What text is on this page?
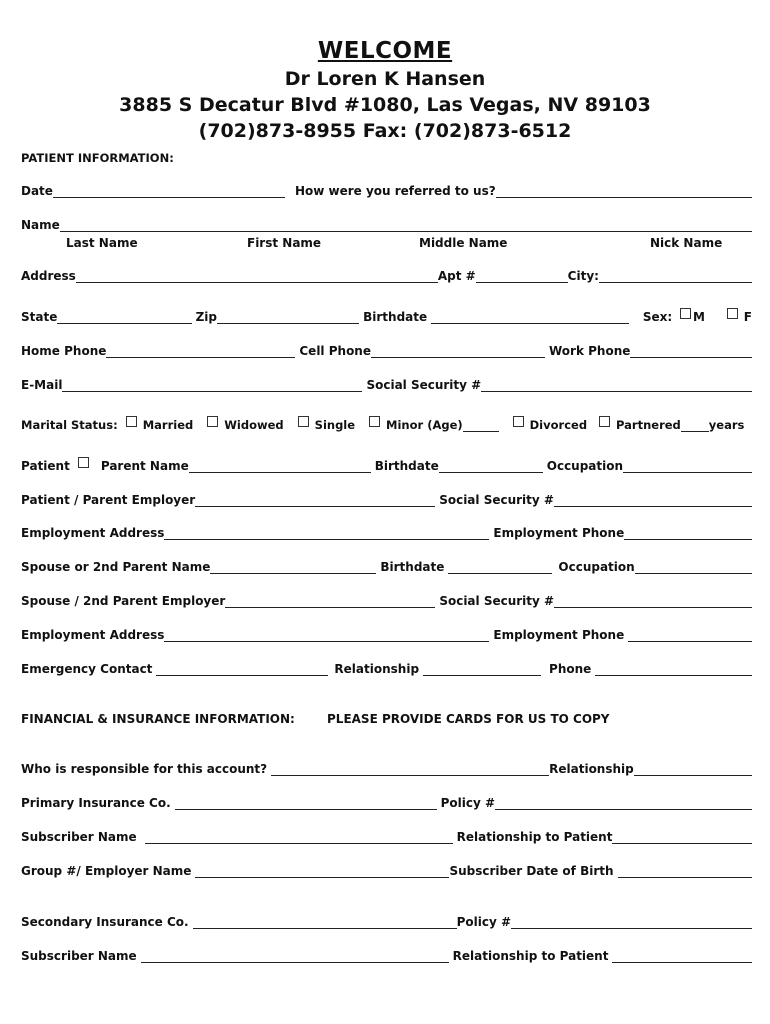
WELCOME
Dr Loren K Hansen
3885 S Decatur Blvd #1080, Las Vegas, NV 89103
(702)873-8955 Fax: (702)873-6512
PATIENT INFORMATION:
Date	How were you referred to us?
Name
Last Name	First Name	Middle Name	Nick Name
Address	Apt #	City:
State	Zip	Birthdate	Sex: M	F
Home Phone	Cell Phone	Work Phone
E-Mail	Social Security #
Marital Status: Married	Widowed	Single	Minor (Age)	Divorced	Partnered years
Patient	Parent Name	Birthdate	Occupation
Patient / Parent Employer	Social Security #
Employment Address	Employment Phone
Spouse or 2nd Parent Name	Birthdate	Occupation
Spouse / 2nd Parent Employer	Social Security #
Employment Address	Employment Phone
Emergency Contact	Relationship	Phone
FINANCIAL & INSURANCE INFORMATION:	PLEASE PROVIDE CARDS FOR US TO COPY
Who is responsible for this account?	Relationship
Primary Insurance Co.	Policy #
Subscriber Name	Relationship to Patient
Group #/ Employer Name	Subscriber Date of Birth
Secondary Insurance Co.	Policy #
Subscriber Name	Relationship to Patient
